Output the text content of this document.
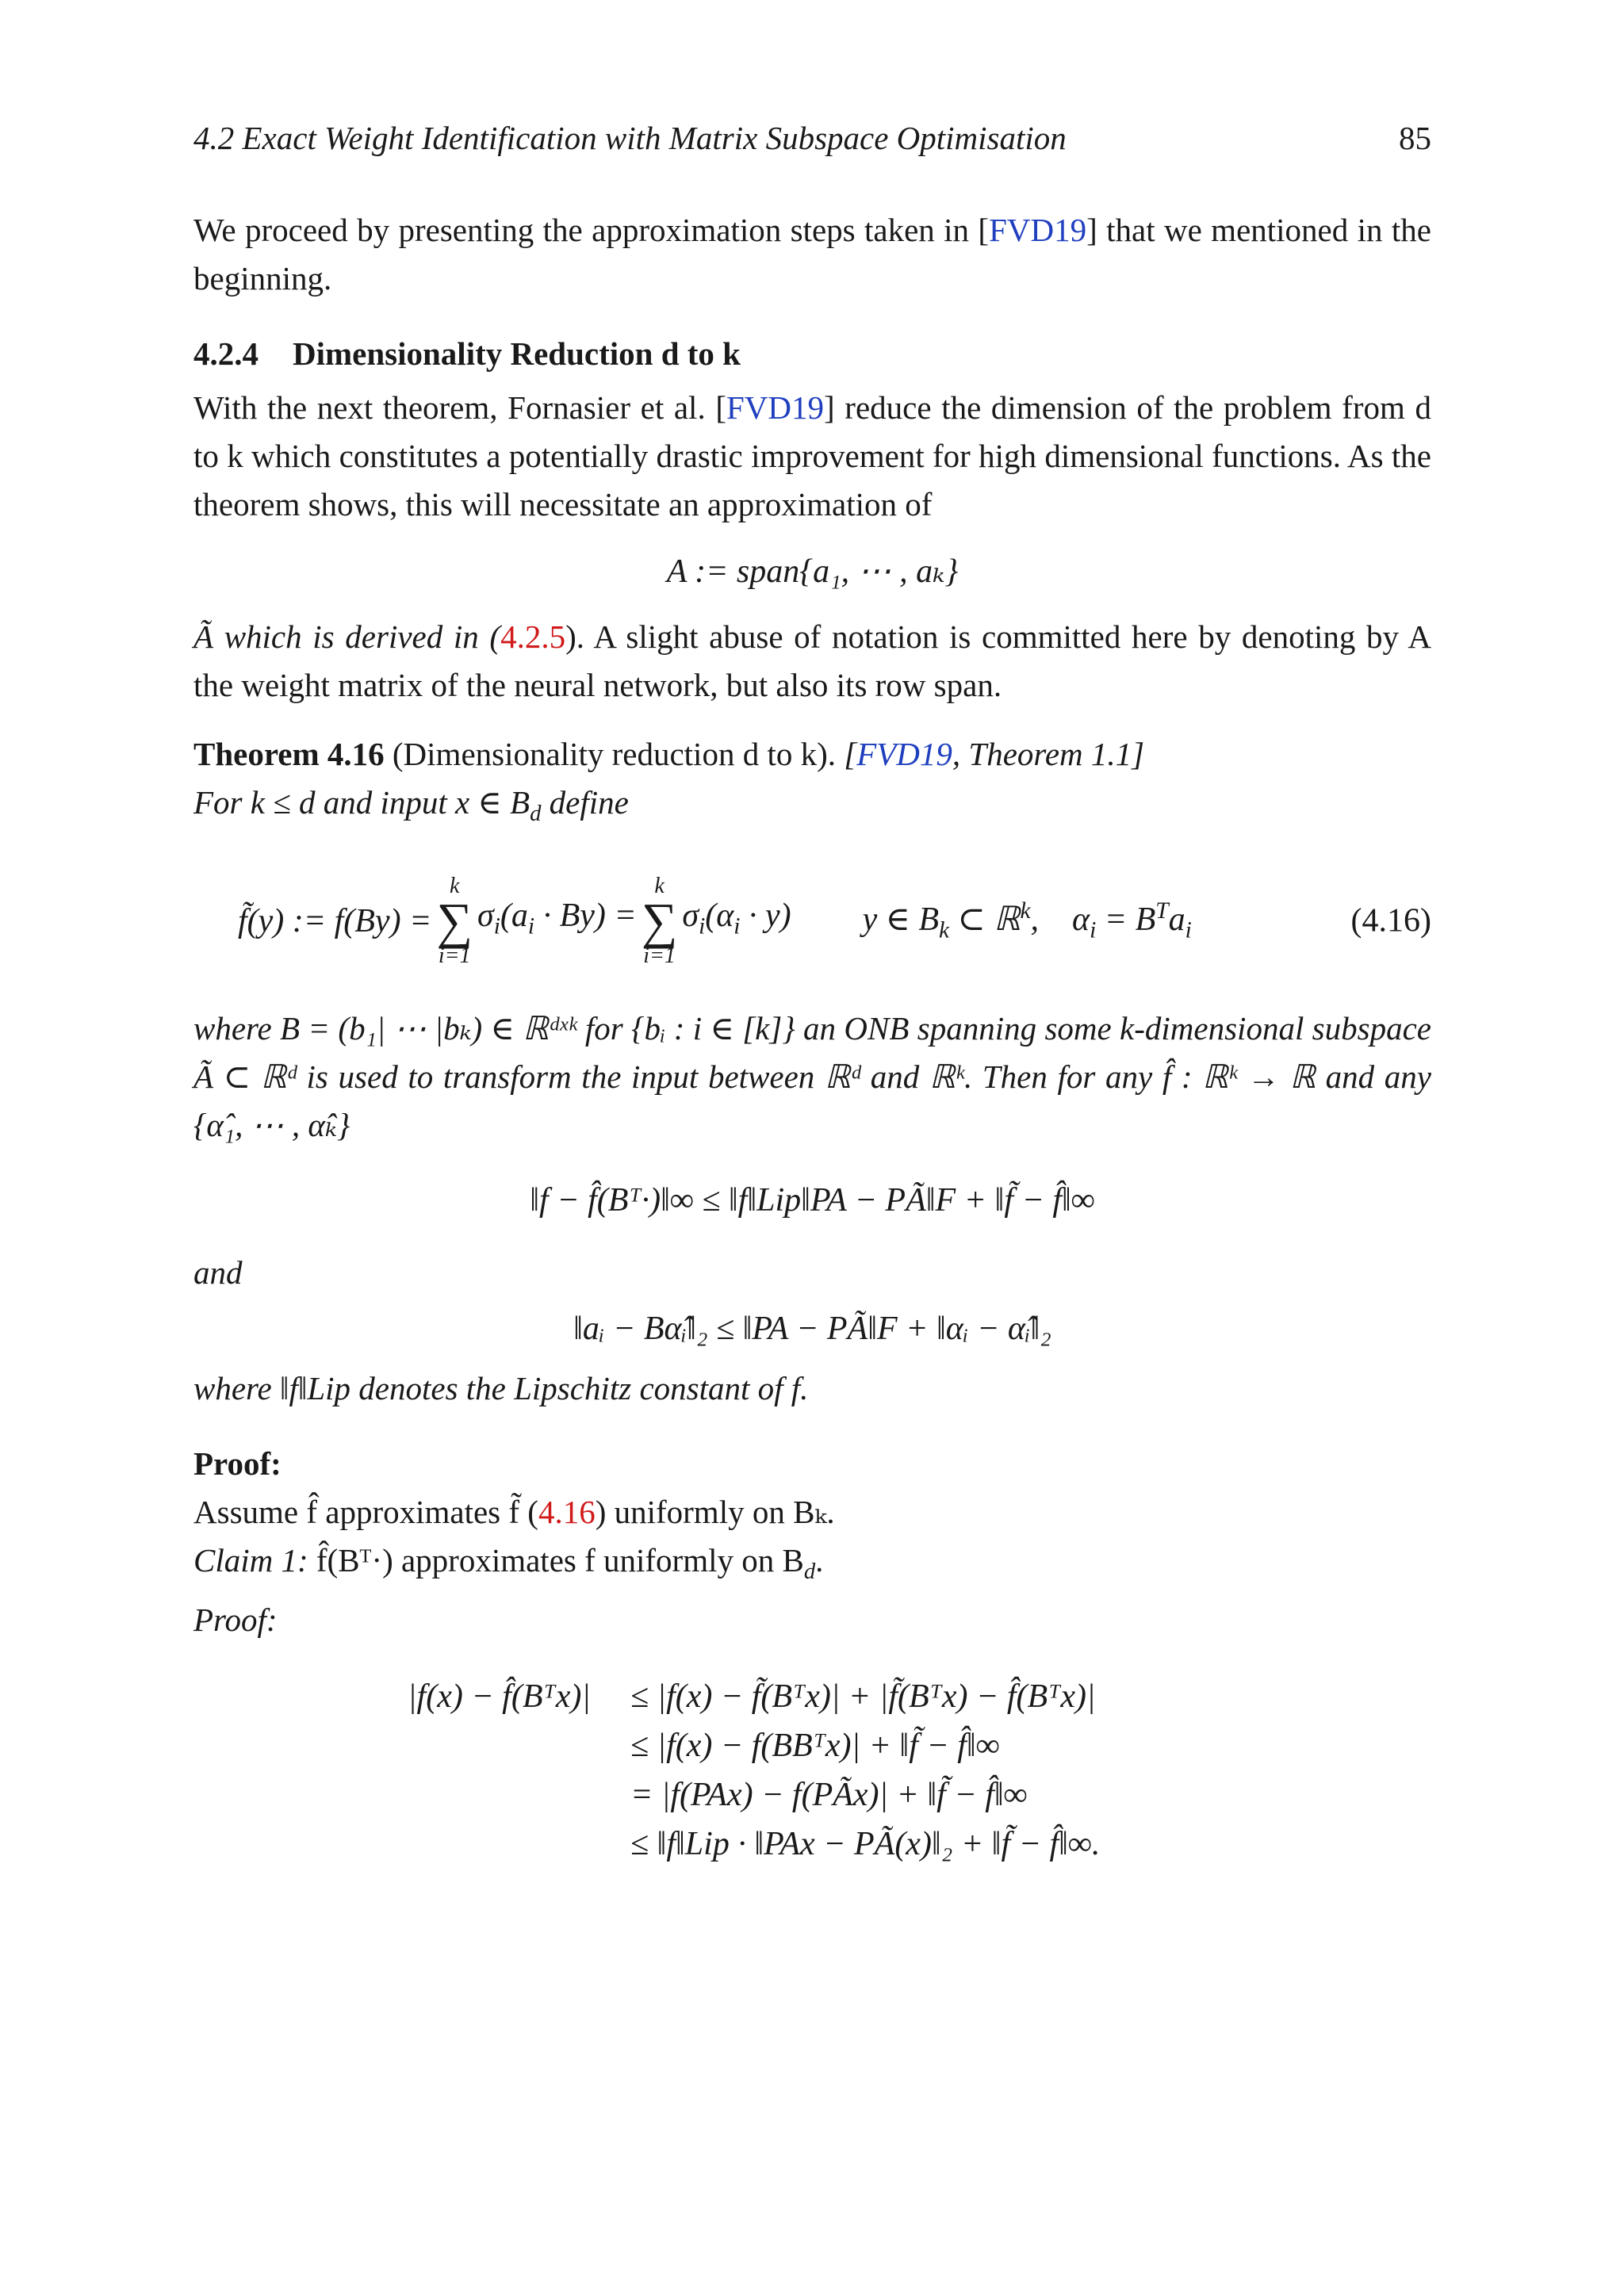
4.2 Exact Weight Identification with Matrix Subspace Optimisation	85

We proceed by presenting the approximation steps taken in [FVD19] that we mentioned in the beginning.

4.2.4 Dimensionality Reduction d to k

With the next theorem, Fornasier et al. [FVD19] reduce the dimension of the problem from d to k which constitutes a potentially drastic improvement for high dimensional functions. As the theorem shows, this will necessitate an approximation of

A := span{a₁, ⋯ , aₖ}

Ã which is derived in (4.2.5). A slight abuse of notation is committed here by denoting by A the weight matrix of the neural network, but also its row span.

Theorem 4.16 (Dimensionality reduction d to k). [FVD19, Theorem 1.1]
For k ≤ d and input x ∈ $B_d$ define
f̃(y) := f(By) =
k
∑
i=1
$\sigma_i(a_i \cdot By)$ =
k
∑
i=1
$\sigma_i(\alpha_i \cdot y)$ y ∈ $B_k$ ⊂ ℝ$^k$,    $\alpha_i = B^Ta_i$	(4.16)

where B = (b₁| ⋯ |bₖ) ∈ ℝᵈˣᵏ for {bᵢ : i ∈ [k]} an ONB spanning some k-dimensional subspace Ã ⊂ ℝᵈ is used to transform the input between ℝᵈ and ℝᵏ. Then for any f̂ : ℝᵏ → ℝ and any {α̂₁, ⋯ , α̂ₖ}

‖f − f̂(Bᵀ·)‖∞ ≤ ‖f‖Lip‖PA − PÃ‖F + ‖f̃ − f̂‖∞
and
‖aᵢ − Bα̂ᵢ‖₂ ≤ ‖PA − PÃ‖F + ‖αᵢ − α̂ᵢ‖₂
where ‖f‖Lip denotes the Lipschitz constant of f.
Proof:
Assume f̂ approximates f̃ (4.16) uniformly on Bₖ.
Claim 1: f̂(Bᵀ·) approximates f uniformly on $B_d$.
Proof:
|f(x) − f̂(Bᵀx)| ≤ |f(x) − f̃(Bᵀx)| + |f̃(Bᵀx) − f̂(Bᵀx)|
≤ |f(x) − f(BBᵀx)| + ‖f̃ − f̂‖∞
= |f(PAx) − f(PÃx)| + ‖f̃ − f̂‖∞
≤ ‖f‖Lip · ‖PAx − PÃ(x)‖₂ + ‖f̃ − f̂‖∞.
